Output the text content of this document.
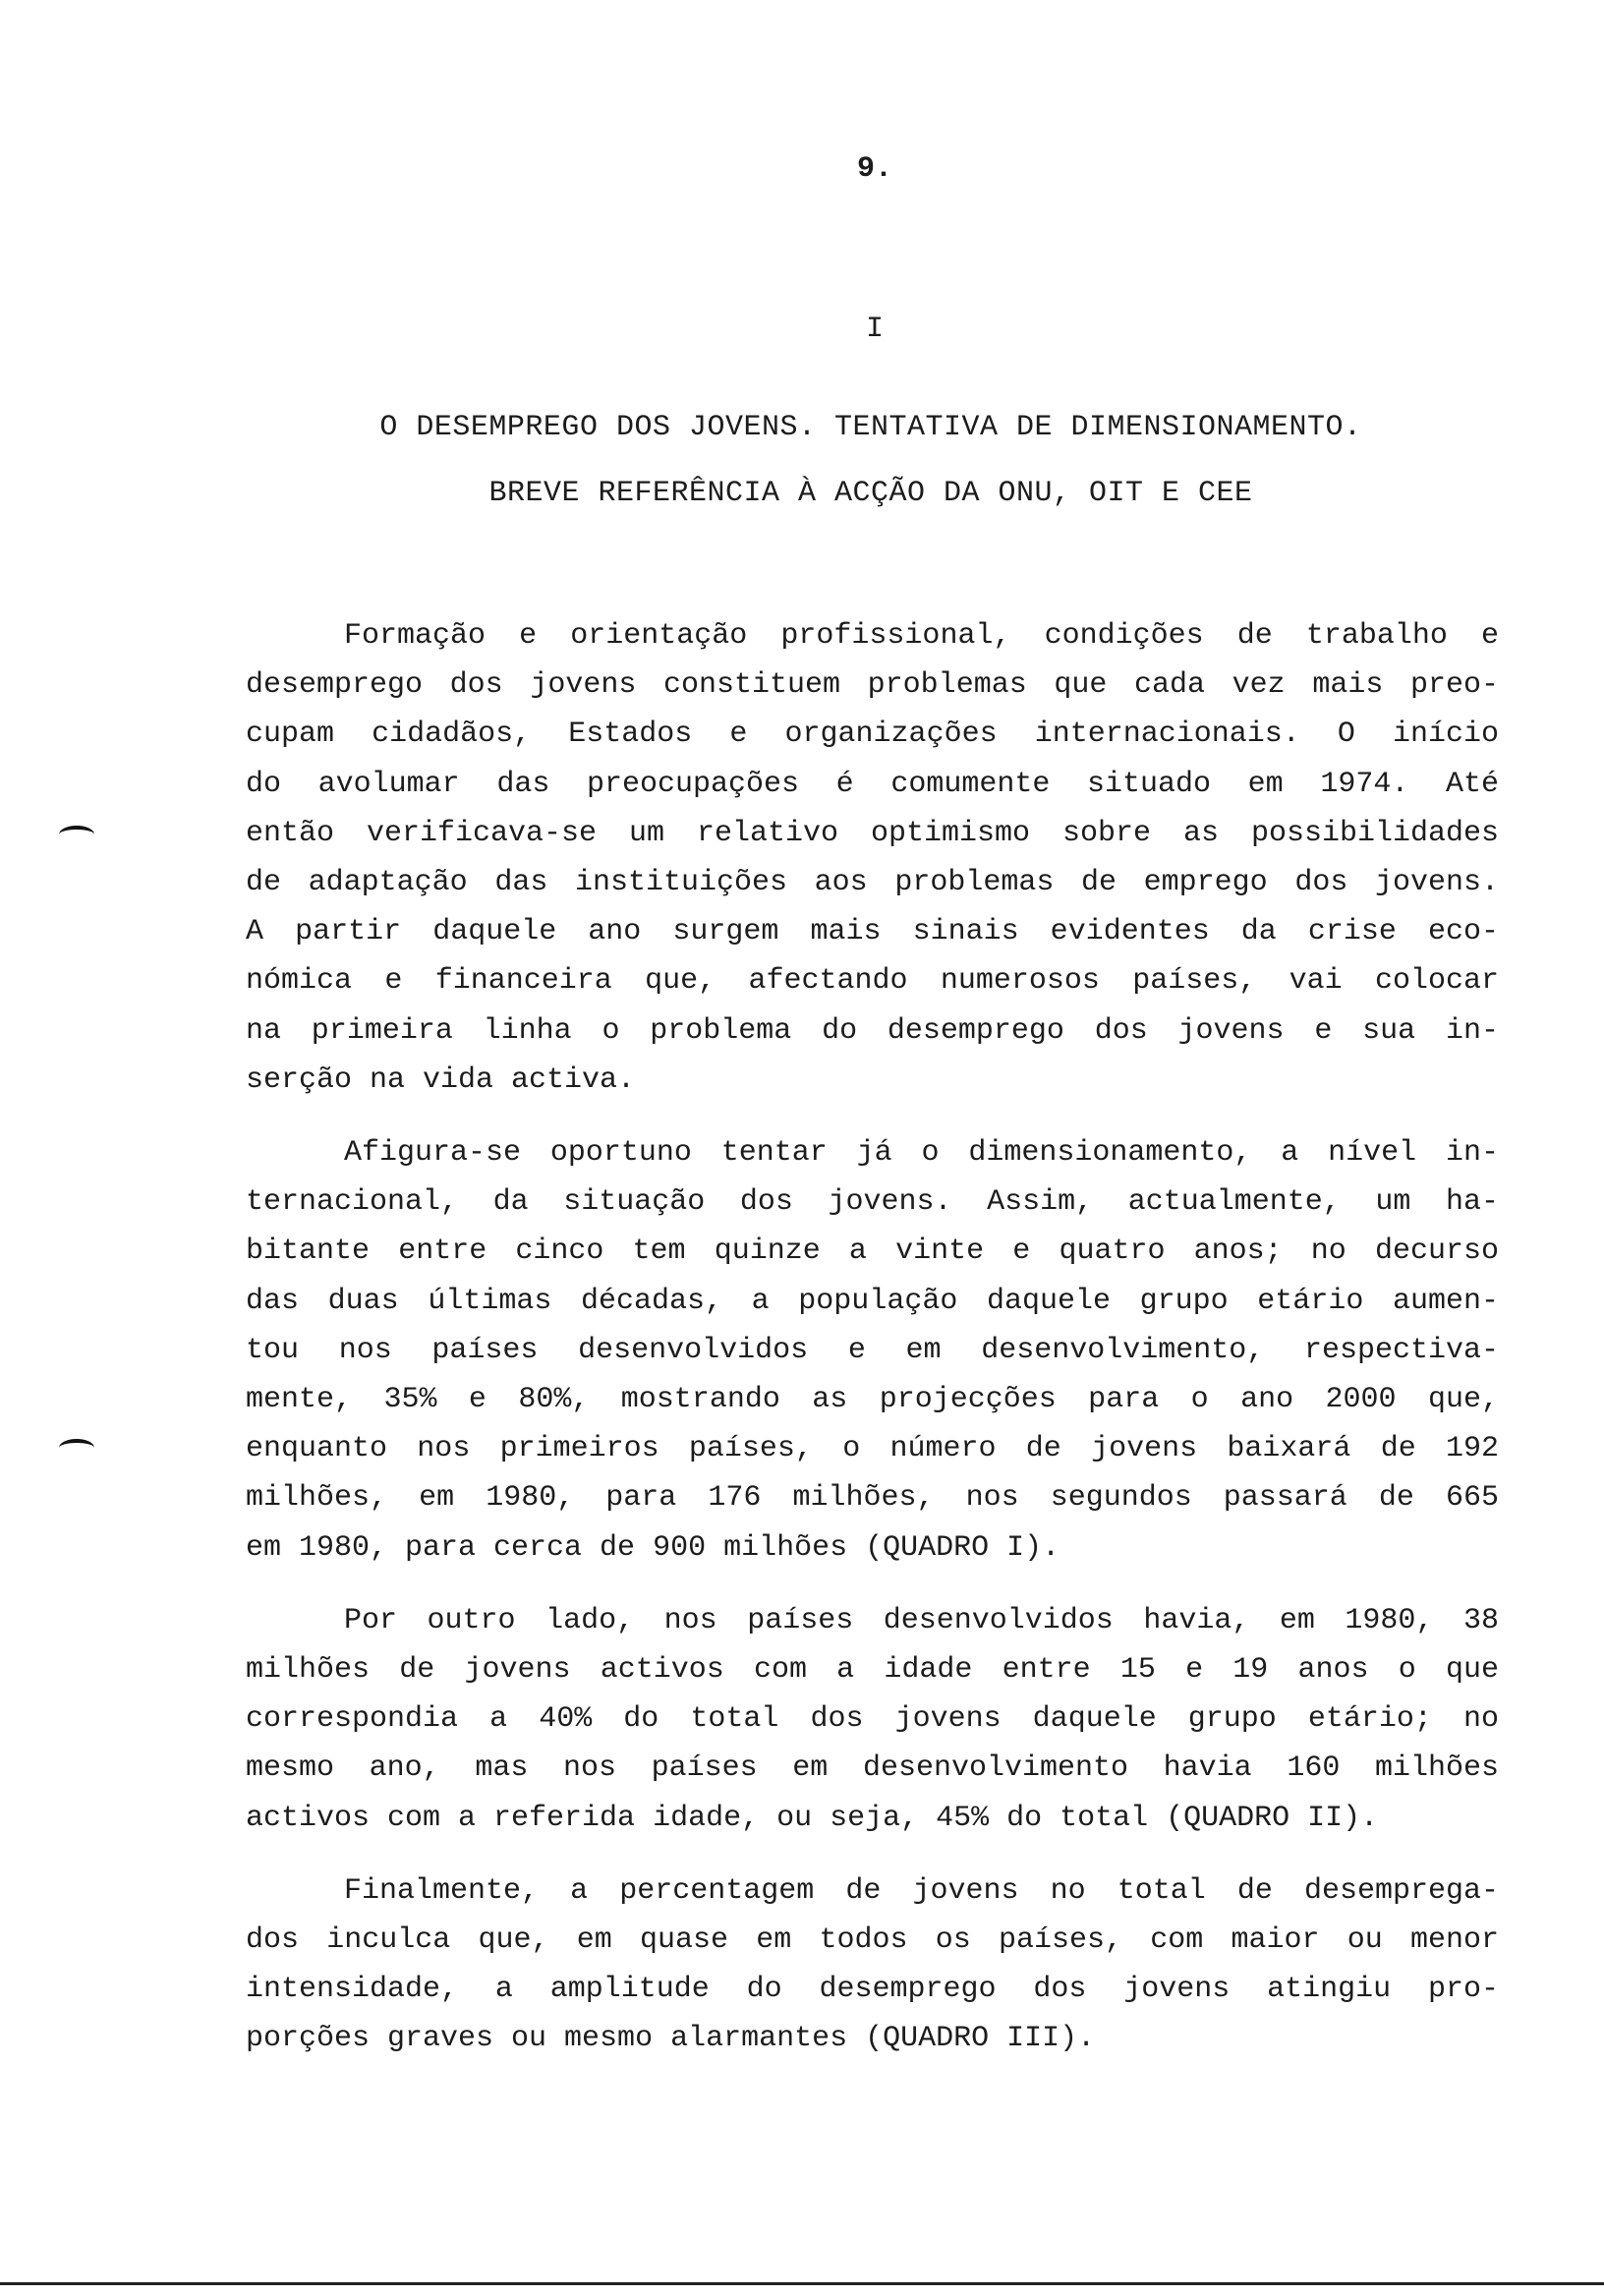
9.
I
O DESEMPREGO DOS JOVENS. TENTATIVA DE DIMENSIONAMENTO.
BREVE REFERÊNCIA À ACÇÃO DA ONU, OIT E CEE
Formação e orientação profissional, condições de trabalho e
desemprego dos jovens constituem problemas que cada vez mais preo-
cupam cidadãos, Estados e organizações internacionais. O início
do avolumar das preocupações é comumente situado em 1974. Até
então verificava-se um relativo optimismo sobre as possibilidades
de adaptação das instituições aos problemas de emprego dos jovens.
A partir daquele ano surgem mais sinais evidentes da crise eco-
nómica e financeira que, afectando numerosos países, vai colocar
na primeira linha o problema do desemprego dos jovens e sua in-
serção na vida activa.
Afigura-se oportuno tentar já o dimensionamento, a nível in-
ternacional, da situação dos jovens. Assim, actualmente, um ha-
bitante entre cinco tem quinze a vinte e quatro anos; no decurso
das duas últimas décadas, a população daquele grupo etário aumen-
tou nos países desenvolvidos e em desenvolvimento, respectiva-
mente, 35% e 80%, mostrando as projecções para o ano 2000 que,
enquanto nos primeiros países, o número de jovens baixará de 192
milhões, em 1980, para 176 milhões, nos segundos passará de 665
em 1980, para cerca de 900 milhões (QUADRO I).
Por outro lado, nos países desenvolvidos havia, em 1980, 38
milhões de jovens activos com a idade entre 15 e 19 anos o que
correspondia a 40% do total dos jovens daquele grupo etário; no
mesmo ano, mas nos países em desenvolvimento havia 160 milhões
activos com a referida idade, ou seja, 45% do total (QUADRO II).
Finalmente, a percentagem de jovens no total de desemprega-
dos inculca que, em quase em todos os países, com maior ou menor
intensidade, a amplitude do desemprego dos jovens atingiu pro-
porções graves ou mesmo alarmantes (QUADRO III).
